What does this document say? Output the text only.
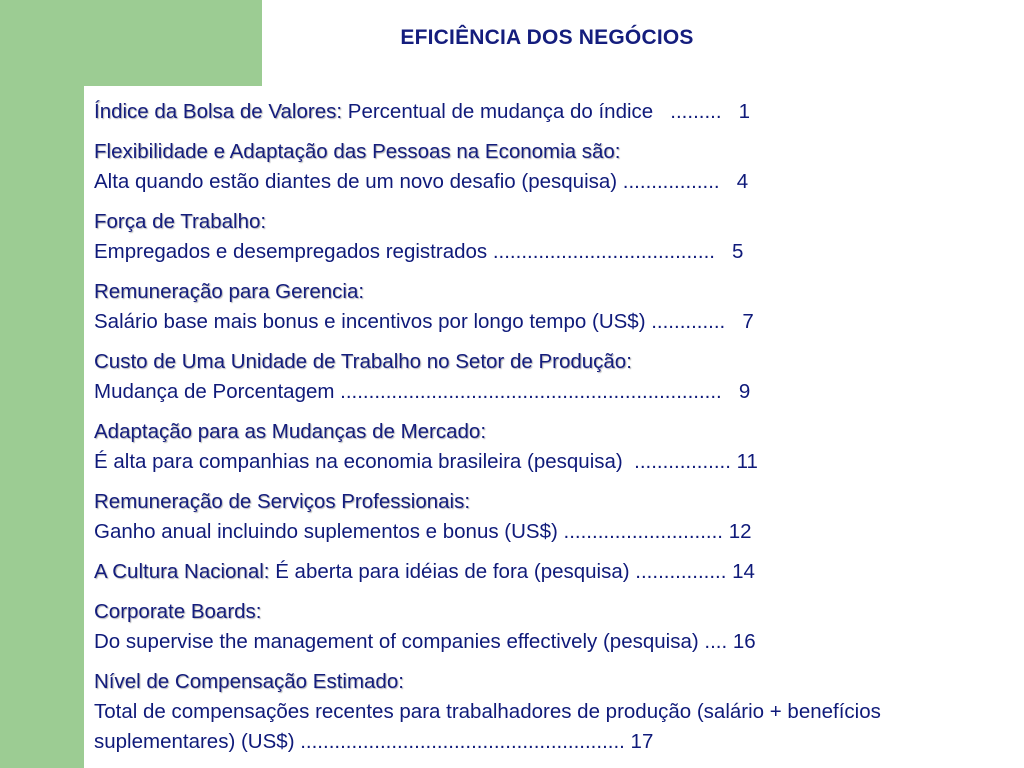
EFICIÊNCIA DOS NEGÓCIOS

Índice da Bolsa de Valores: Percentual de mudança do índice   .........   1

Flexibilidade e Adaptação das Pessoas na Economia são:
Alta quando estão diantes de um novo desafio (pesquisa) .................   4

Força de Trabalho:
Empregados e desempregados registrados .......................................   5

Remuneração para Gerencia:
Salário base mais bonus e incentivos por longo tempo (US$) .............   7

Custo de Uma Unidade de Trabalho no Setor de Produção:
Mudança de Porcentagem ...................................................................   9

Adaptação para as Mudanças de Mercado:
É alta para companhias na economia brasileira (pesquisa)  ................. 11

Remuneração de Serviços Professionais:
Ganho anual incluindo suplementos e bonus (US$) ............................ 12

A Cultura Nacional: É aberta para idéias de fora (pesquisa) ................ 14

Corporate Boards:
Do supervise the management of companies effectively (pesquisa) .... 16

Nível de Compensação Estimado:
Total de compensações recentes para trabalhadores de produção (salário + benefícios suplementares) (US$) ......................................................... 17
